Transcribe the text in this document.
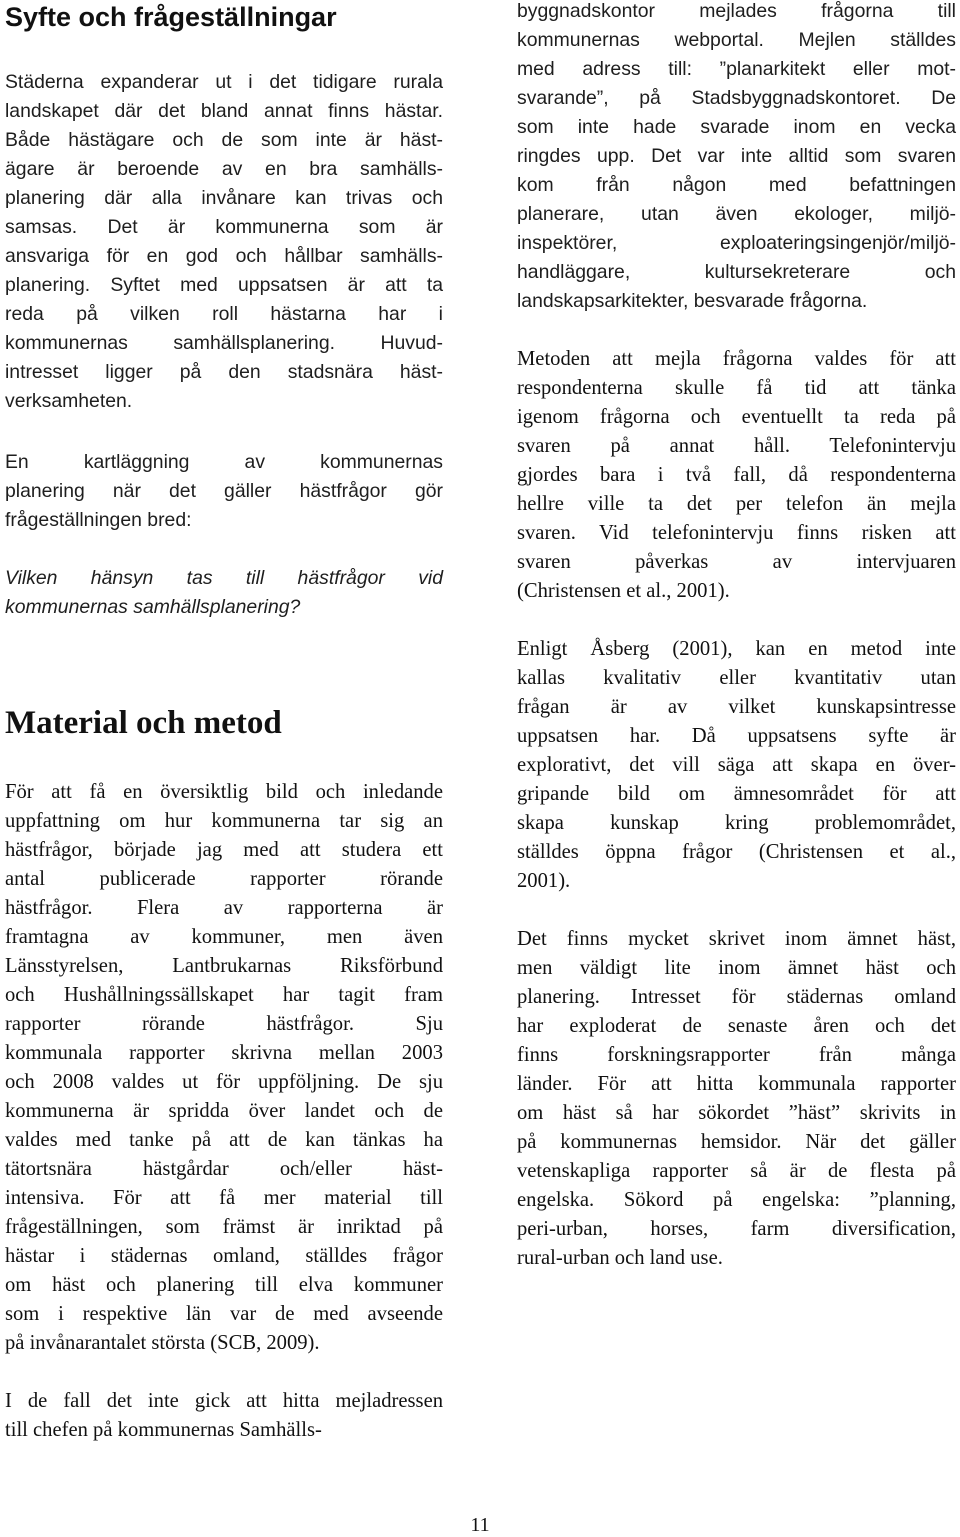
Syfte och frågeställningar
Städerna expanderar ut i det tidigare rurala
landskapet där det bland annat finns hästar.
Både hästägare och de som inte är häst-
ägare är beroende av en bra samhälls-
planering där alla invånare kan trivas och
samsas. Det är kommunerna som är
ansvariga för en god och hållbar samhälls-
planering. Syftet med uppsatsen är att ta
reda på vilken roll hästarna har i
kommunernas samhällsplanering. Huvud-
intresset ligger på den stadsnära häst-
verksamheten.
En kartläggning av kommunernas
planering när det gäller hästfrågor gör
frågeställningen bred:
Vilken hänsyn tas till hästfrågor vid
kommunernas samhällsplanering?
Material och metod
För att få en översiktlig bild och inledande
uppfattning om hur kommunerna tar sig an
hästfrågor, började jag med att studera ett
antal publicerade rapporter rörande
hästfrågor. Flera av rapporterna är
framtagna av kommuner, men även
Länsstyrelsen, Lantbrukarnas Riksförbund
och Hushållningssällskapet har tagit fram
rapporter rörande hästfrågor. Sju
kommunala rapporter skrivna mellan 2003
och 2008 valdes ut för uppföljning. De sju
kommunerna är spridda över landet och de
valdes med tanke på att de kan tänkas ha
tätortsnära hästgårdar och/eller häst-
intensiva. För att få mer material till
frågeställningen, som främst är inriktad på
hästar i städernas omland, ställdes frågor
om häst och planering till elva kommuner
som i respektive län var de med avseende
på invånarantalet största (SCB, 2009).
I de fall det inte gick att hitta mejladressen
till chefen på kommunernas Samhälls-
byggnadskontor mejlades frågorna till
kommunernas webportal. Mejlen ställdes
med adress till: ”planarkitekt eller mot-
svarande”, på Stadsbyggnadskontoret. De
som inte hade svarade inom en vecka
ringdes upp. Det var inte alltid som svaren
kom från någon med befattningen
planerare, utan även ekologer, miljö-
inspektörer, exploateringsingenjör/miljö-
handläggare, kultursekreterare och
landskapsarkitekter, besvarade frågorna.
Metoden att mejla frågorna valdes för att
respondenterna skulle få tid att tänka
igenom frågorna och eventuellt ta reda på
svaren på annat håll. Telefonintervju
gjordes bara i två fall, då respondenterna
hellre ville ta det per telefon än mejla
svaren. Vid telefonintervju finns risken att
svaren påverkas av intervjuaren
(Christensen et al., 2001).
Enligt Åsberg (2001), kan en metod inte
kallas kvalitativ eller kvantitativ utan
frågan är av vilket kunskapsintresse
uppsatsen har. Då uppsatsens syfte är
explorativt, det vill säga att skapa en över-
gripande bild om ämnesområdet för att
skapa kunskap kring problemområdet,
ställdes öppna frågor (Christensen et al.,
2001).
Det finns mycket skrivet inom ämnet häst,
men väldigt lite inom ämnet häst och
planering. Intresset för städernas omland
har exploderat de senaste åren och det
finns forskningsrapporter från många
länder. För att hitta kommunala rapporter
om häst så har sökordet ”häst” skrivits in
på kommunernas hemsidor. När det gäller
vetenskapliga rapporter så är de flesta på
engelska. Sökord på engelska: ”planning,
peri-urban, horses, farm diversification,
rural-urban och land use.
11
